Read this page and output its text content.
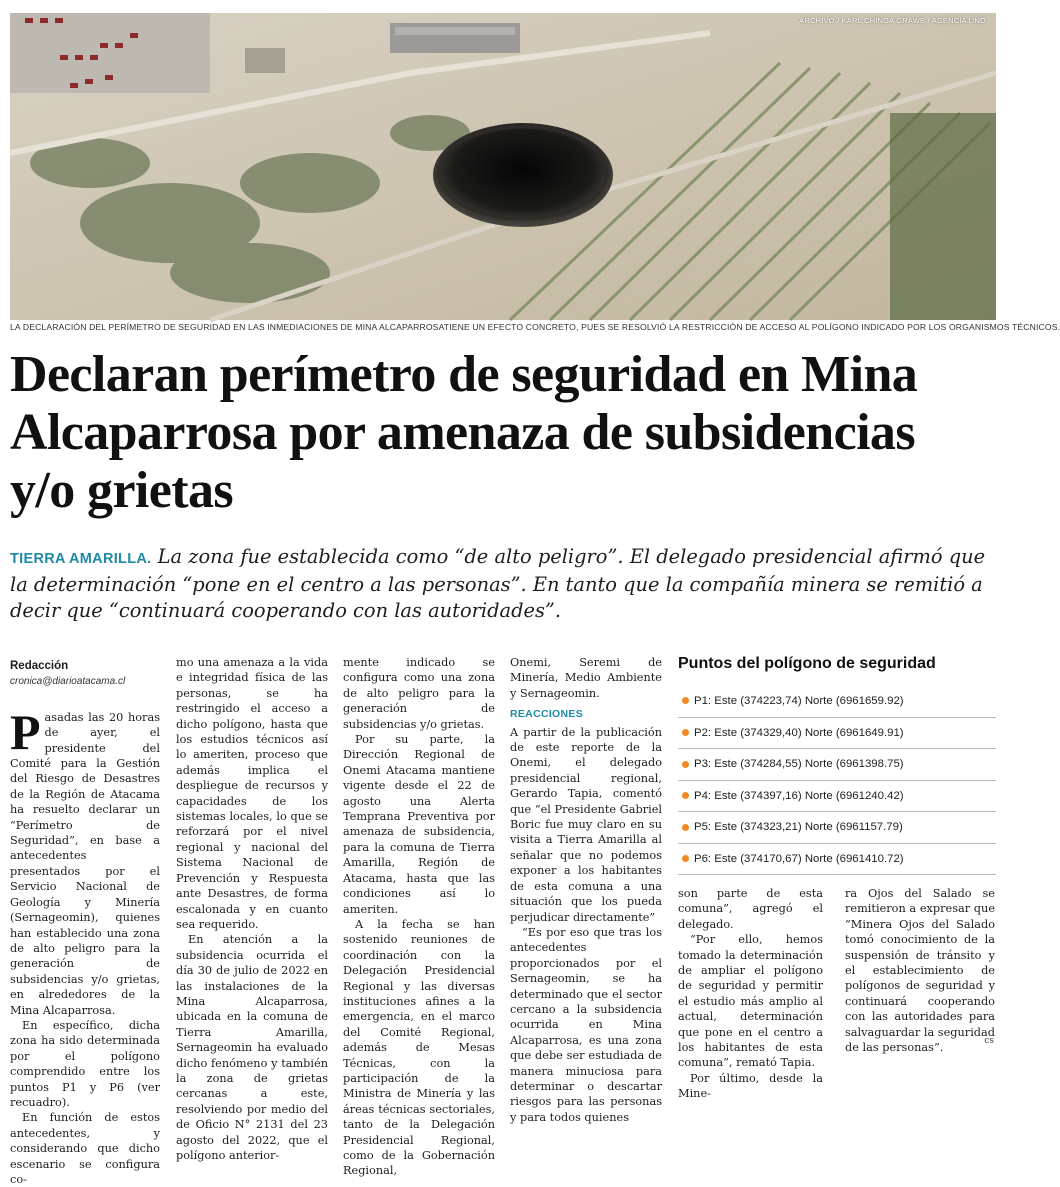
ARCHIVO / KARL CHINGA GRAWE / AGENCIA UNO
LA DECLARACIÓN DEL PERÍMETRO DE SEGURIDAD EN LAS INMEDIACIONES DE MINA ALCAPARROSATIENE UN EFECTO CONCRETO, PUES SE RESOLVIÓ LA RESTRICCIÓN DE ACCESO AL POLÍGONO INDICADO POR LOS ORGANISMOS TÉCNICOS.
Declaran perímetro de seguridad en Mina Alcaparrosa por amenaza de subsidencias y/o grietas
TIERRA AMARILLA. La zona fue establecida como “de alto peligro”. El delegado presidencial afirmó que la determinación “pone en el centro a las personas”. En tanto que la compañía minera se remitió a decir que “continuará cooperando con las autoridades”.
Redacción
cronica@diarioatacama.cl

Pasadas las 20 horas de ayer, el presidente del Comité para la Gestión del Riesgo de Desastres de la Región de Atacama ha resuelto declarar un “Perímetro de Seguridad”, en base a antecedentes presentados por el Servicio Nacional de Geología y Minería (Sernageomin), quienes han establecido una zona de alto peligro para la generación de subsidencias y/o grietas, en alrededores de la Mina Alcaparrosa.

En específico, dicha zona ha sido determinada por el polígono comprendido entre los puntos P1 y P6 (ver recuadro).

En función de estos antecedentes, y considerando que dicho escenario se configura co-

mo una amenaza a la vida e integridad física de las personas, se ha restringido el acceso a dicho polígono, hasta que los estudios técnicos así lo ameriten, proceso que además implica el despliegue de recursos y capacidades de los sistemas locales, lo que se reforzará por el nivel regional y nacional del Sistema Nacional de Prevención y Respuesta ante Desastres, de forma escalonada y en cuanto sea requerido.

En atención a la subsidencia ocurrida el día 30 de julio de 2022 en las instalaciones de la Mina Alcaparrosa, ubicada en la comuna de Tierra Amarilla, Sernageomin ha evaluado dicho fenómeno y también la zona de grietas cercanas a este, resolviendo por medio del de Oficio N° 2131 del 23 agosto del 2022, que el polígono anterior-

mente indicado se configura como una zona de alto peligro para la generación de subsidencias y/o grietas.

Por su parte, la Dirección Regional de Onemi Atacama mantiene vigente desde el 22 de agosto una Alerta Temprana Preventiva por amenaza de subsidencia, para la comuna de Tierra Amarilla, Región de Atacama, hasta que las condiciones así lo ameriten.

A la fecha se han sostenido reuniones de coordinación con la Delegación Presidencial Regional y las diversas instituciones afines a la emergencia, en el marco del Comité Regional, además de Mesas Técnicas, con la participación de la Ministra de Minería y las áreas técnicas sectoriales, tanto de la Delegación Presidencial Regional, como de la Gobernación Regional,

Onemi, Seremi de Minería, Medio Ambiente y Sernageomin.

REACCIONES

A partir de la publicación de este reporte de la Onemi, el delegado presidencial regional, Gerardo Tapia, comentó que “el Presidente Gabriel Boric fue muy claro en su visita a Tierra Amarilla al señalar que no podemos exponer a los habitantes de esta comuna a una situación que los pueda perjudicar directamente”

“Es por eso que tras los antecedentes proporcionados por el Sernageomin, se ha determinado que el sector cercano a la subsidencia ocurrida en Mina Alcaparrosa, es una zona que debe ser estudiada de manera minuciosa para determinar o descartar riesgos para las personas y para todos quienes

Puntos del polígono de seguridad
P1: Este (374223,74) Norte (6961659.92)
P2: Este (374329,40) Norte (6961649.91)
P3: Este (374284,55) Norte (6961398.75)
P4: Este (374397,16) Norte (6961240.42)
P5: Este (374323,21) Norte (6961157.79)
P6: Este (374170,67) Norte (6961410.72)

son parte de esta comuna”, agregó el delegado.

“Por ello, hemos tomado la determinación de ampliar el polígono de seguridad y permitir el estudio más amplio al actual, determinación que pone en el centro a los habitantes de esta comuna”, remató Tapia.

Por último, desde la Mine-

ra Ojos del Salado se remitieron a expresar que “Minera Ojos del Salado tomó conocimiento de la suspensión de tránsito y el establecimiento de polígonos de seguridad y continuará cooperando con las autoridades para salvaguardar la seguridad de las personas”.

cs
